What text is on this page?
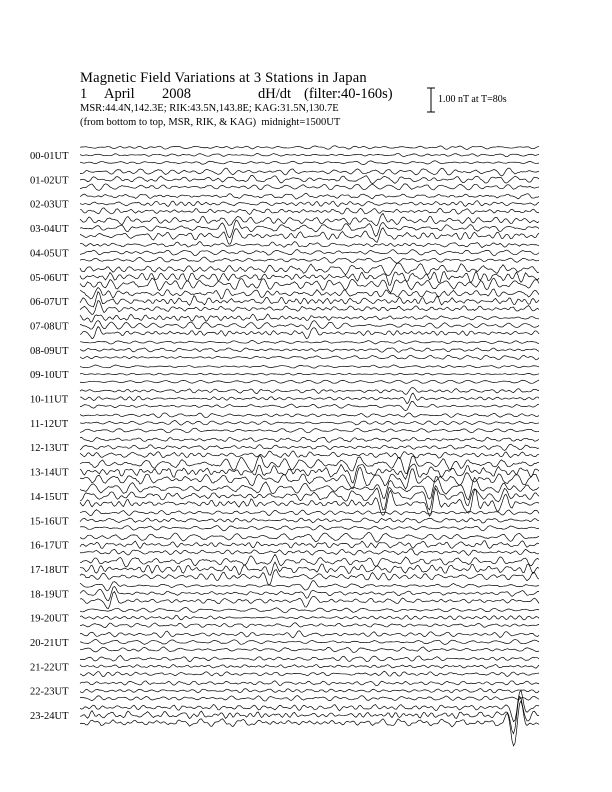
Magnetic Field Variations at 3 Stations in Japan
1 April 2008	dH/dt (filter:40-160s)
MSR:44.4N,142.3E; RIK:43.5N,143.8E; KAG:31.5N,130.7E
(from bottom to top, MSR, RIK, & KAG) midnight=1500UT
1.00 nT at T=80s
00-01UT
01-02UT
02-03UT
03-04UT
04-05UT
05-06UT
06-07UT
07-08UT
08-09UT
09-10UT
10-11UT
11-12UT
12-13UT
13-14UT
14-15UT
15-16UT
16-17UT
17-18UT
18-19UT
19-20UT
20-21UT
21-22UT
22-23UT
23-24UT
